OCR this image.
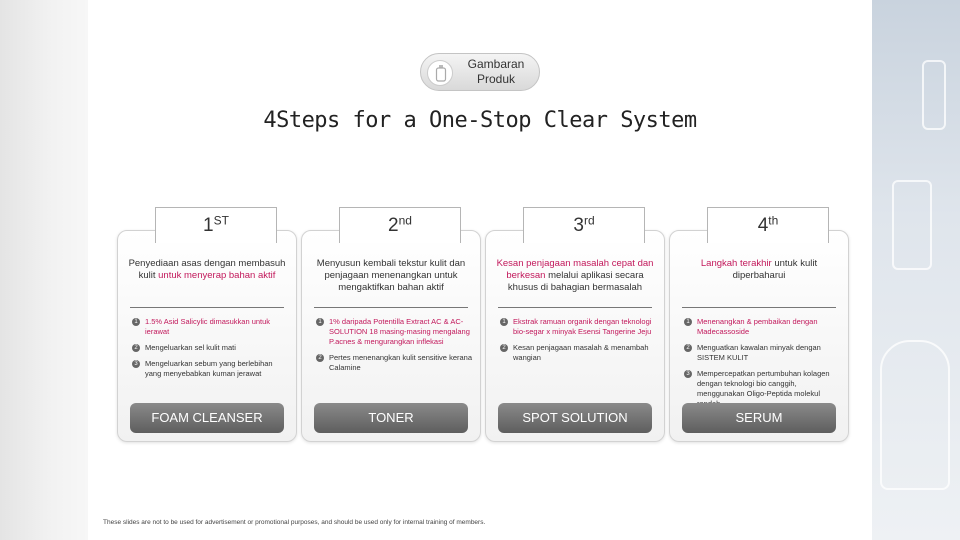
Gambaran
Produk
4Steps for a One-Stop Clear System
1ST
Penyediaan asas dengan membasuh kulit untuk menyerap bahan aktif
1 1.5% Asid Salicylic dimasukkan untuk ierawat
2 Mengeluarkan sel kulit mati
3 Mengeluarkan sebum yang berlebihan yang menyebabkan kuman jerawat
FOAM CLEANSER
2nd
Menyusun kembali tekstur kulit dan penjagaan menenangkan untuk mengaktifkan bahan aktif
1 1% daripada Potentilla Extract AC & AC-SOLUTION 18 masing-masing mengalang P.acnes & mengurangkan inflekasi
2 Pertes menenangkan kulit sensitive kerana Calamine
TONER
3rd
Kesan penjagaan masalah cepat dan berkesan melalui aplikasi secara khusus di bahagian bermasalah
1 Ekstrak ramuan organik dengan teknologi bio-segar x minyak Esensi Tangerine Jeju
2 Kesan penjagaan masalah & menambah wangian
SPOT SOLUTION
4th
Langkah terakhir untuk kulit diperbaharui
1 Menenangkan & pembaikan dengan Madecassoside
2 Menguatkan kawalan minyak dengan SISTEM KULIT
3 Mempercepatkan pertumbuhan kolagen dengan teknologi bio canggih, menggunakan Oligo-Peptida molekul
SERUM
These slides are not to be used for advertisement or promotional purposes, and should be used only for internal training of members.
